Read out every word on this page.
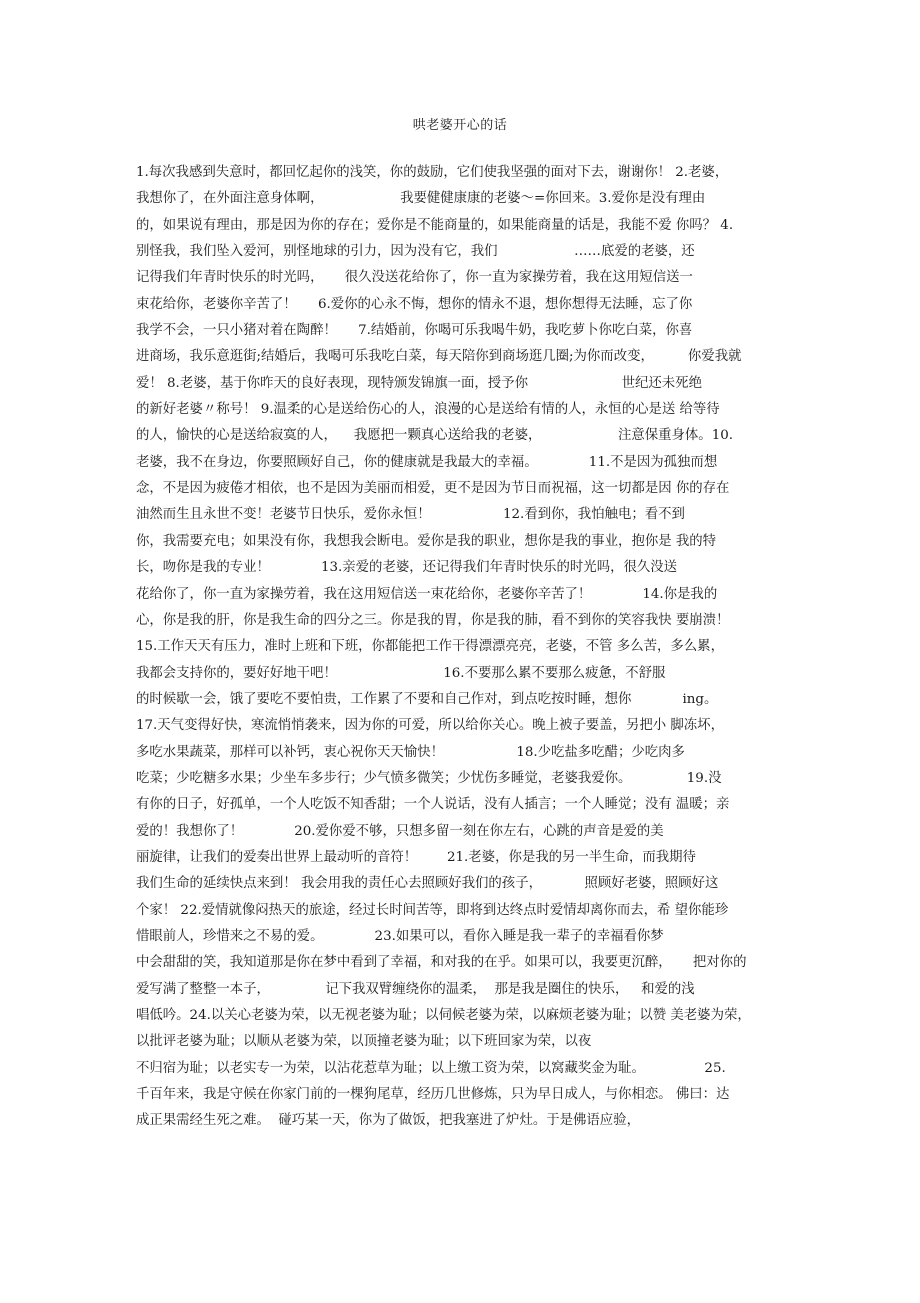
哄老婆开心的话
1.每次我感到失意时，都回忆起你的浅笑，你的鼓励，它们使我坚强的面对下去，谢谢你！ 2.老婆，
我想你了，在外面注意身体啊，                  我要健健康康的老婆～=你回来。3.爱你是没有理由
的，如果说有理由，那是因为你的存在；爱你是不能商量的，如果能商量的话是，我能不爱 你吗？ 4.
别怪我，我们坠入爱河，别怪地球的引力，因为没有它，我们                  ……底爱的老婆，还
记得我们年青时快乐的时光吗，     很久没送花给你了，你一直为家操劳着，我在这用短信送一
束花给你，老婆你辛苦了！     6.爱你的心永不悔，想你的情永不退，想你想得无法睡，忘了你
我学不会，一只小猪对着在陶醉！     7.结婚前，你喝可乐我喝牛奶，我吃萝卜你吃白菜，你喜
进商场，我乐意逛街;结婚后，我喝可乐我吃白菜，每天陪你到商场逛几圈;为你而改变，        你爱我就
爱！ 8.老婆，基于你昨天的良好表现，现特颁发锦旗一面，授予你                      世纪还未死绝
的新好老婆〃称号！ 9.温柔的心是送给伤心的人，浪漫的心是送给有情的人，永恒的心是送 给等待
的人，愉快的心是送给寂寞的人，    我愿把一颗真心送给我的老婆，                  注意保重身体。10.
老婆，我不在身边，你要照顾好自己，你的健康就是我最大的幸福。            11.不是因为孤独而想
念，不是因为疲倦才相依，也不是因为美丽而相爱，更不是因为节日而祝福，这一切都是因 你的存在
油然而生且永世不变！老婆节日快乐，爱你永恒！                 12.看到你，我怕触电；看不到
你，我需要充电；如果没有你，我想我会断电。爱你是我的职业，想你是我的事业，抱你是 我的特
长，吻你是我的专业！            13.亲爱的老婆，还记得我们年青时快乐的时光吗，很久没送
花给你了，你一直为家操劳着，我在这用短信送一束花给你，老婆你辛苦了！            14.你是我的
心，你是我的肝，你是我生命的四分之三。你是我的胃，你是我的肺，看不到你的笑容我快 要崩溃！
15.工作天天有压力，准时上班和下班，你都能把工作干得漂漂亮亮，老婆，不管 多么苦，多么累，
我都会支持你的，要好好地干吧！                         16.不要那么累不要那么疲惫，不舒服
的时候歇一会，饿了要吃不要怕贵，工作累了不要和自己作对，到点吃按时睡，想你            ing。
17.天气变得好快，寒流悄悄袭来，因为你的可爱，所以给你关心。晚上被子要盖，另把小 脚冻坏，
多吃水果蔬菜，那样可以补钙，衷心祝你天天愉快！                 18.少吃盐多吃醋；少吃肉多
吃菜；少吃糖多水果；少坐车多步行；少气愤多微笑；少忧伤多睡觉，老婆我爱你。             19.没
有你的日子，好孤单，一个人吃饭不知香甜；一个人说话，没有人插言；一个人睡觉；没有 温暖；亲
爱的！我想你了！            20.爱你爱不够，只想多留一刻在你左右，心跳的声音是爱的美
丽旋律，让我们的爱奏出世界上最动听的音符！       21.老婆，你是我的另一半生命，而我期待
我们生命的延续快点来到！ 我会用我的责任心去照顾好我们的孩子，          照顾好老婆，照顾好这
个家！ 22.爱情就像闷热天的旅途，经过长时间苦等，即将到达终点时爱情却离你而去，希 望你能珍
惜眼前人，珍惜来之不易的爱。            23.如果可以，看你入睡是我一辈子的幸福看你梦
中会甜甜的笑，我知道那是你在梦中看到了幸福，和对我的在乎。如果可以，我要更沉醉，     把对你的
爱写满了整整一本子，             记下我双臂缠绕你的温柔，  那是我是圈住的快乐，   和爱的浅
唱低吟。24.以关心老婆为荣，以无视老婆为耻；以伺候老婆为荣，以麻烦老婆为耻；以赞 美老婆为荣，
以批评老婆为耻；以顺从老婆为荣，以顶撞老婆为耻；以下班回家为荣，以夜
不归宿为耻；以老实专一为荣，以沾花惹草为耻；以上缴工资为荣，以窝藏奖金为耻。              25.
千百年来，我是守候在你家门前的一棵狗尾草，经历几世修炼，只为早日成人，与你相恋。 佛曰：达
成正果需经生死之难。  碰巧某一天，你为了做饭，把我塞进了炉灶。于是佛语应验，
